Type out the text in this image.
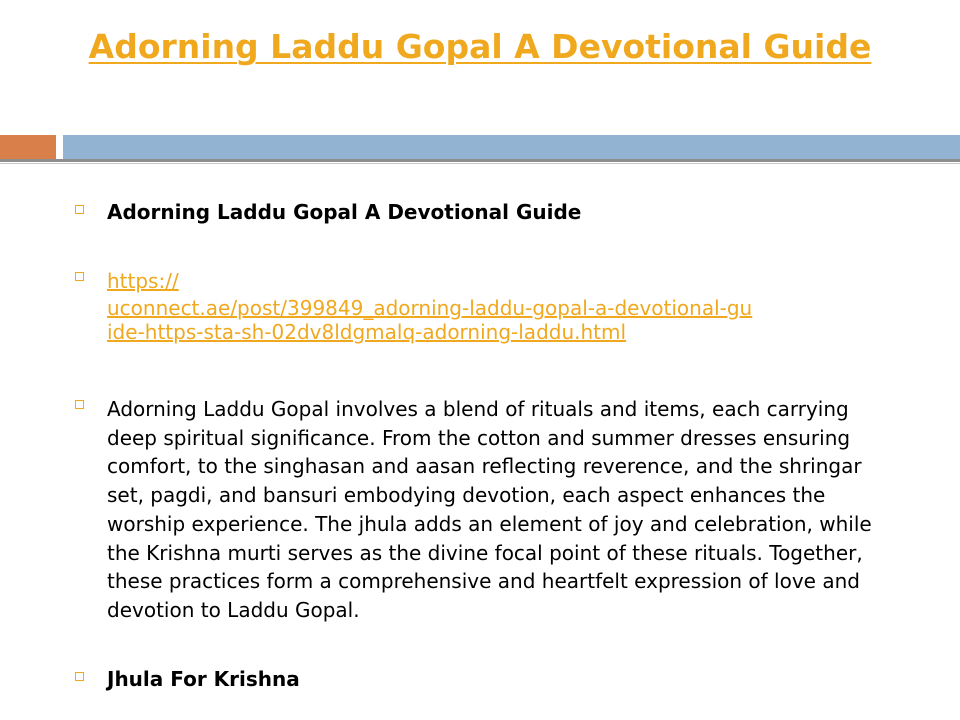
Adorning Laddu Gopal A Devotional Guide
Adorning Laddu Gopal A Devotional Guide
https://
uconnect.ae/post/399849_adorning-laddu-gopal-a-devotional-gu
ide-https-sta-sh-02dv8ldgmalq-adorning-laddu.html
Adorning Laddu Gopal involves a blend of rituals and items, each carrying deep spiritual significance. From the cotton and summer dresses ensuring comfort, to the singhasan and aasan reflecting reverence, and the shringar set, pagdi, and bansuri embodying devotion, each aspect enhances the worship experience. The jhula adds an element of joy and celebration, while the Krishna murti serves as the divine focal point of these rituals. Together, these practices form a comprehensive and heartfelt expression of love and devotion to Laddu Gopal.
Jhula For Krishna
